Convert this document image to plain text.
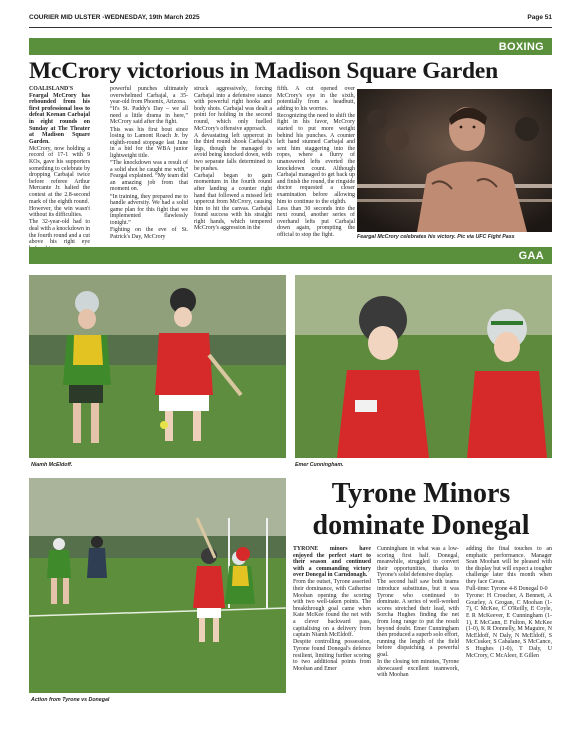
COURIER MID ULSTER -WEDNESDAY, 19th March 2025	Page 51
BOXING
McCrory victorious in Madison Square Garden

COALISLAND'S Feargal McCrory has rebounded from his first professional loss to defeat Keenan Carbajal in eight rounds on Sunday at The Theater at Madison Square Garden.

McCrory, now holding a record of 17-1 with 9 KOs, gave his supporters something to celebrate by dropping Carbajal twice before referee Arthur Mercante Jr. halted the contest at the 2.8-second mark of the eighth round.

However, the win wasn't without its difficulties.

The 32-year-old had to deal with a knockdown in the fourth round and a cut above his right eye

powerful punches ultimately overwhelmed Carbajal, a 35-year-old from Phoenix, Arizona.

“It's St. Paddy's Day – we all need a little drama in here,” McCrory said after the fight.

This was his first bout since losing to Lamont Roach Jr. by eighth-round stoppage last June in a bid for the WBA junior lightweight title.

“The knockdown was a result of a solid shot he caught me with,” Feargal explained. “My team did an amazing job from that moment on.

“In training, they prepared me to handle adversity. We had a solid game plan for this fight that we implemented flawlessly tonight.”

Fighting on the eve of St. Patrick's Day, McCrory

struck aggressively, forcing Carbajal into a defensive stance with powerful right hooks and body shots. Carbajal was dealt a point for holding in the second round, which only fuelled McCrory's offensive approach.

A devastating left uppercut in the third round shook Carbajal's legs, though he managed to avoid being knocked down, with two separate falls determined to be pushes.

Carbajal began to gain momentum in the fourth round after landing a counter right hand that followed a missed left uppercut from McCrory, causing him to hit the canvas. Carbajal found success with his straight right hands, which tempered McCrory's aggression in the

fifth. A cut opened over McCrory's eye in the sixth, potentially from a headbutt, adding to his worries.

Recognizing the need to shift the fight in his favor, McCrory started to put more weight behind his punches. A counter left hand stunned Carbajal and sent him staggering into the ropes, where a flurry of unanswered lefts everted the knockdown count. Although Carbajal managed to get back up and finish the round, the ringside doctor requested a closer examination before allowing him to continue to the eighth.

Less than 30 seconds into the next round, another series of overhand lefts put Carbajal down again, prompting the official to stop the fight.	Feargal McCrory celebrates his victory. Pic via UFC Fight Pass
GAA
Niamh McEldoff.	Emer Cunningham.
Action from Tyrone vs Donegal
Tyrone Minors dominate Donegal

TYRONE minors have enjoyed the perfect start to their season and continued with a commanding victory over Donegal in Carndonagh.

From the outset, Tyrone asserted their dominance, with Catherine Moohan opening the scoring with two well-taken points. The breakthrough goal came when Kate McKee found the net with a clever backward pass, capitalising on a delivery from captain Niamh McEldoff.

Despite controlling possession, Tyrone found Donegal's defence resilient, limiting further scoring to two additional points from Moohan and Emer

Cunningham in what was a low-scoring first half. Donegal, meanwhile, struggled to convert their opportunities, thanks to Tyrone's solid defensive display.

The second half saw both teams introduce substitutes, but it was Tyrone who continued to dominate. A series of well-worked scores stretched their lead, with Sorcha Hughes finding the net from long range to put the result beyond doubt. Emer Cunningham then produced a superb solo effort, running the length of the field before dispatching a powerful goal.

In the closing ten minutes, Tyrone showcased excellent teamwork, with Moohan

adding the final touches to an emphatic performance. Manager Sean Moohan will be pleased with the display but will expect a tougher challenge later this month when they face Cavan.

Full-time: Tyrone 4-8 Donegal 0-0

Tyrone: H Croucher, A Bennett, A Gourley, A Grogan, C Moohan (1-7), C McKee, C O'Reilly, E Coyle, E R McKeever, E Cunningham (1-1), E McCann, E Fulton, K McKee (1-0), K R Donnelly, M Maguire, N McEldoff, N Daly, N McEldoff, S McCusker, S Cahalane, S McCance, S Hughes (1-0), T Daly, U McCrory, C McAleer, E Gillen
